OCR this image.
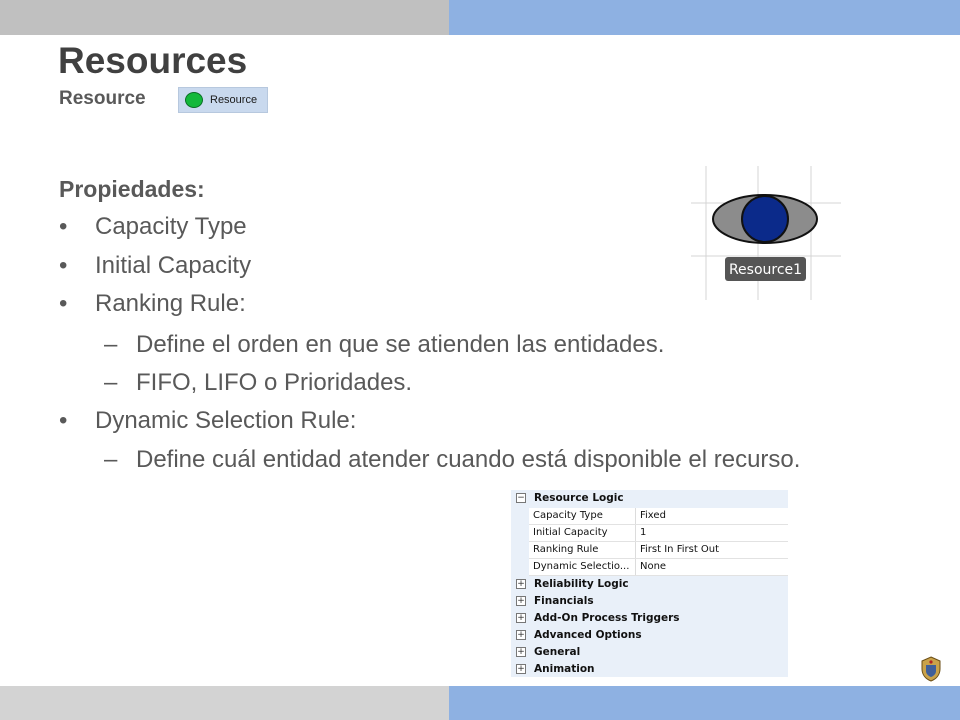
Resources
Resource	Resource
Propiedades:
• Capacity Type
• Initial Capacity
• Ranking Rule:
– Define el orden en que se atienden las entidades.
– FIFO, LIFO o Prioridades.
• Dynamic Selection Rule:
– Define cuál entidad atender cuando está disponible el recurso.
Resource1
− Resource Logic
Capacity Type	Fixed
Initial Capacity	1
Ranking Rule	First In First Out
Dynamic Selectio...	None
+ Reliability Logic
+ Financials
+ Add-On Process Triggers
+ Advanced Options
+ General
+ Animation
